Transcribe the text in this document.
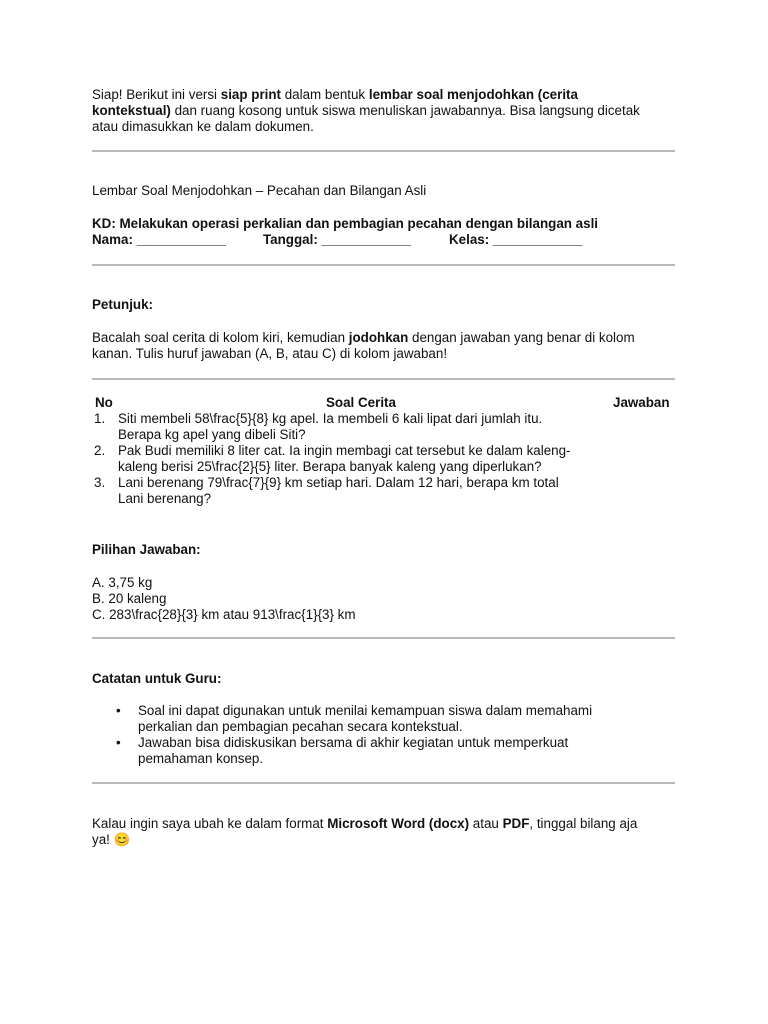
Siap! Berikut ini versi siap print dalam bentuk lembar soal menjodohkan (cerita
kontekstual) dan ruang kosong untuk siswa menuliskan jawabannya. Bisa langsung dicetak
atau dimasukkan ke dalam dokumen.
Lembar Soal Menjodohkan – Pecahan dan Bilangan Asli
KD: Melakukan operasi perkalian dan pembagian pecahan dengan bilangan asli
Nama: ____________	Tanggal: ____________	Kelas: ____________
Petunjuk:
Bacalah soal cerita di kolom kiri, kemudian jodohkan dengan jawaban yang benar di kolom
kanan. Tulis huruf jawaban (A, B, atau C) di kolom jawaban!
No	Soal Cerita	Jawaban
1. Siti membeli 58\frac{5}{8} kg apel. Ia membeli 6 kali lipat dari jumlah itu.
Berapa kg apel yang dibeli Siti?
2. Pak Budi memiliki 8 liter cat. Ia ingin membagi cat tersebut ke dalam kaleng-
kaleng berisi 25\frac{2}{5} liter. Berapa banyak kaleng yang diperlukan?
3. Lani berenang 79\frac{7}{9} km setiap hari. Dalam 12 hari, berapa km total
Lani berenang?
Pilihan Jawaban:
A. 3,75 kg
B. 20 kaleng
C. 283\frac{28}{3} km atau 913\frac{1}{3} km
Catatan untuk Guru:
• Soal ini dapat digunakan untuk menilai kemampuan siswa dalam memahami
perkalian dan pembagian pecahan secara kontekstual.
• Jawaban bisa didiskusikan bersama di akhir kegiatan untuk memperkuat
pemahaman konsep.
Kalau ingin saya ubah ke dalam format Microsoft Word (docx) atau PDF, tinggal bilang aja
ya! 😊
